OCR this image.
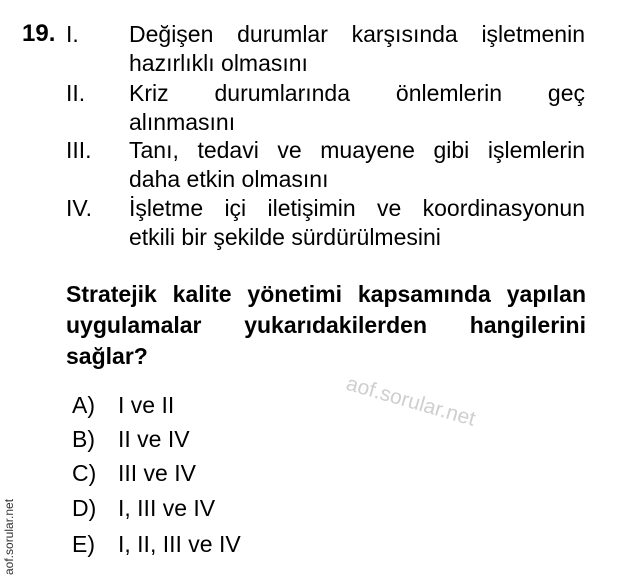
19. I. Değişen durumlar karşısında işletmenin
hazırlıklı olmasını
II. Kriz durumlarında önlemlerin geç
alınmasını
III. Tanı, tedavi ve muayene gibi işlemlerin
daha etkin olmasını
IV. İşletme içi iletişimin ve koordinasyonun
etkili bir şekilde sürdürülmesini
Stratejik kalite yönetimi kapsamında yapılan
uygulamalar yukarıdakilerden hangilerini
sağlar?
A) I ve II
B) II ve IV
C) III ve IV
D) I, III ve IV
E) I, II, III ve IV
aof.sorular.net
aof.sorular.net
